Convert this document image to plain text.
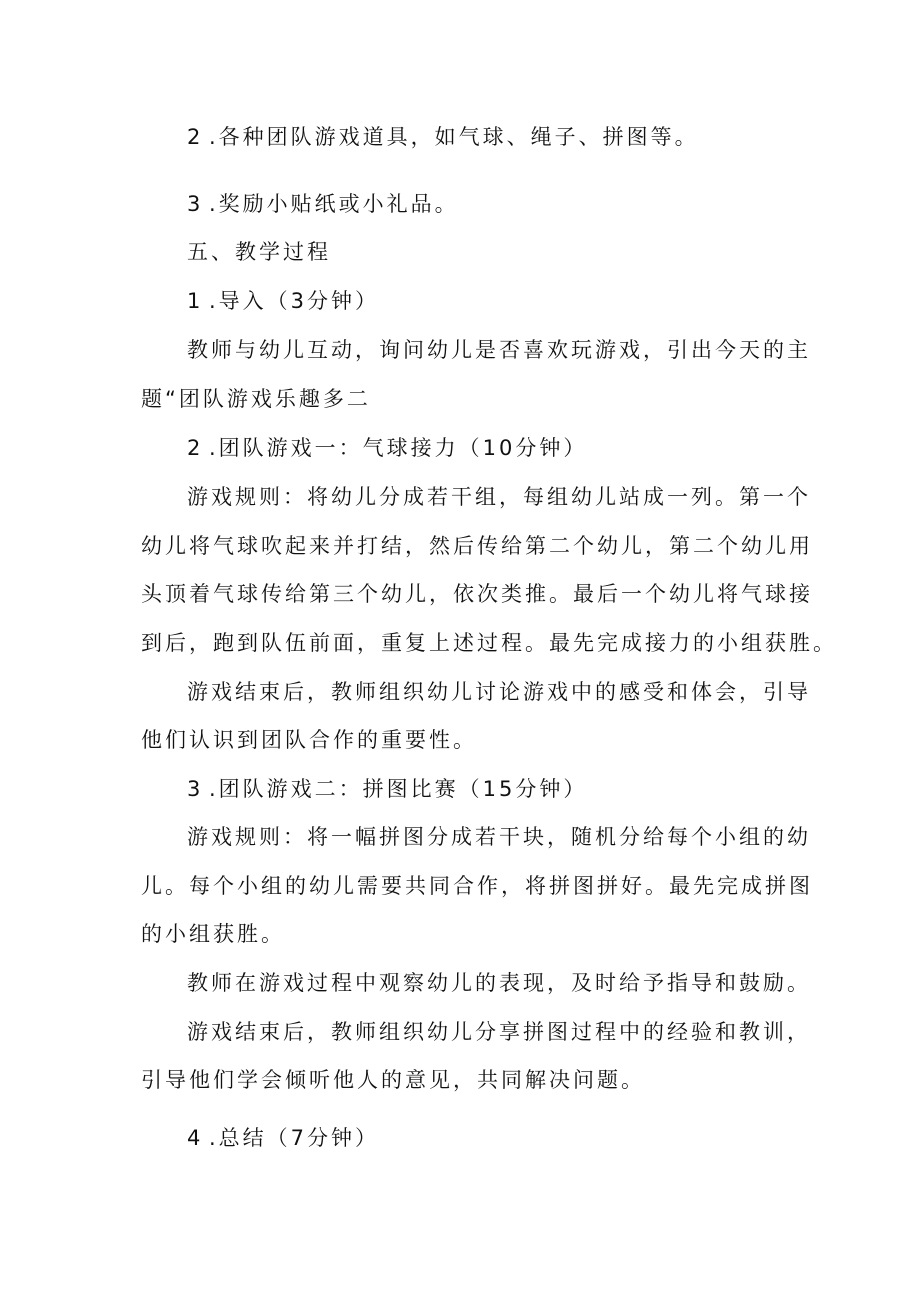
2 .各种团队游戏道具，如气球、绳子、拼图等。
3 .奖励小贴纸或小礼品。
五、教学过程
1 .导入（3分钟）
教师与幼儿互动，询问幼儿是否喜欢玩游戏，引出今天的主
题“团队游戏乐趣多二
2 .团队游戏一：气球接力（10分钟）
游戏规则：将幼儿分成若干组，每组幼儿站成一列。第一个
幼儿将气球吹起来并打结，然后传给第二个幼儿，第二个幼儿用
头顶着气球传给第三个幼儿，依次类推。最后一个幼儿将气球接
到后，跑到队伍前面，重复上述过程。最先完成接力的小组获胜。
游戏结束后，教师组织幼儿讨论游戏中的感受和体会，引导
他们认识到团队合作的重要性。
3 .团队游戏二：拼图比赛（15分钟）
游戏规则：将一幅拼图分成若干块，随机分给每个小组的幼
儿。每个小组的幼儿需要共同合作，将拼图拼好。最先完成拼图
的小组获胜。
教师在游戏过程中观察幼儿的表现，及时给予指导和鼓励。
游戏结束后，教师组织幼儿分享拼图过程中的经验和教训，
引导他们学会倾听他人的意见，共同解决问题。
4 .总结（7分钟）
